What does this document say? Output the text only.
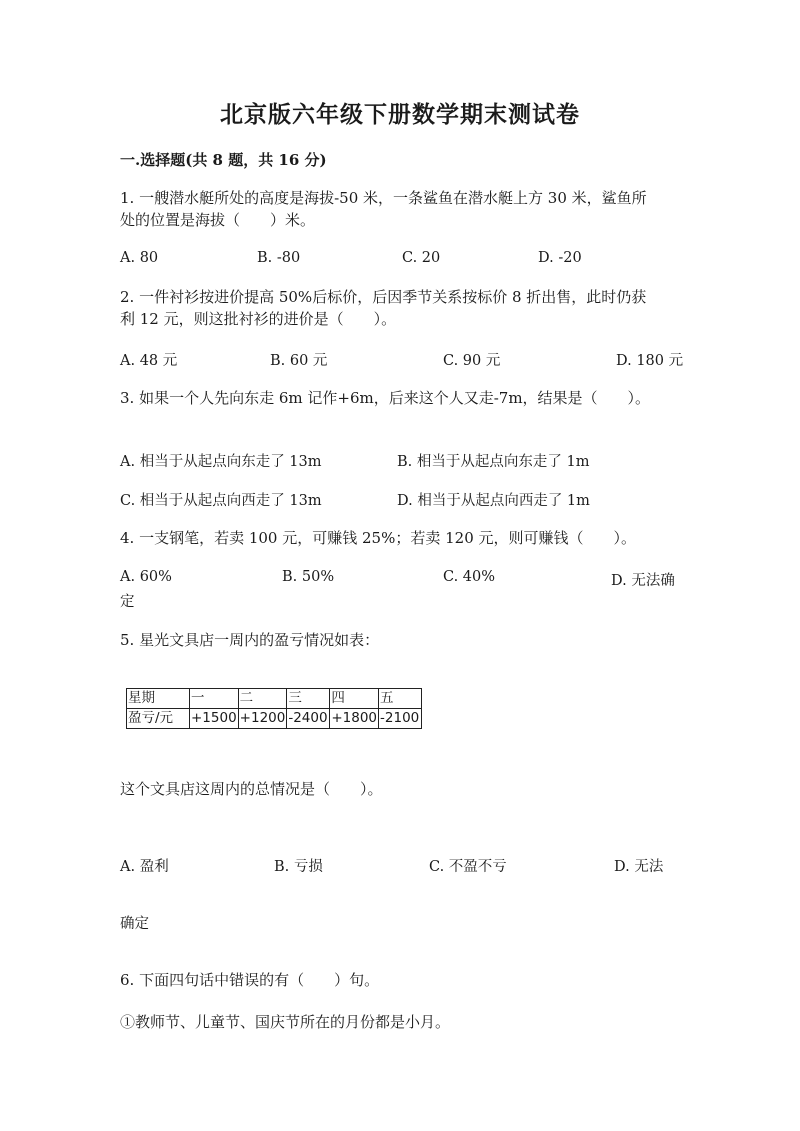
北京版六年级下册数学期末测试卷
一.选择题(共 8 题，共 16 分)
1. 一艘潜水艇所处的高度是海拔-50 米，一条鲨鱼在潜水艇上方 30 米，鲨鱼所
处的位置是海拔（　　）米。
A. 80	B. -80	C. 20	D. -20
2. 一件衬衫按进价提高 50%后标价，后因季节关系按标价 8 折出售，此时仍获
利 12 元，则这批衬衫的进价是（　　）。
A. 48 元	B. 60 元	C. 90 元	D. 180 元
3. 如果一个人先向东走 6m 记作+6m，后来这个人又走-7m，结果是（　　）。
A. 相当于从起点向东走了 13m	B. 相当于从起点向东走了 1m
C. 相当于从起点向西走了 13m	D. 相当于从起点向西走了 1m
4. 一支钢笔，若卖 100 元，可赚钱 25%；若卖 120 元，则可赚钱（　　）。
A. 60%	B. 50%	C. 40%	D. 无法确
定
5. 星光文具店一周内的盈亏情况如表：
星期	一	二	三	四	五
盈亏/元	+1500	+1200	-2400	+1800	-2100
这个文具店这周内的总情况是（　　）。
A. 盈利	B. 亏损	C. 不盈不亏	D. 无法
确定
6. 下面四句话中错误的有（　　）句。
①教师节、儿童节、国庆节所在的月份都是小月。
